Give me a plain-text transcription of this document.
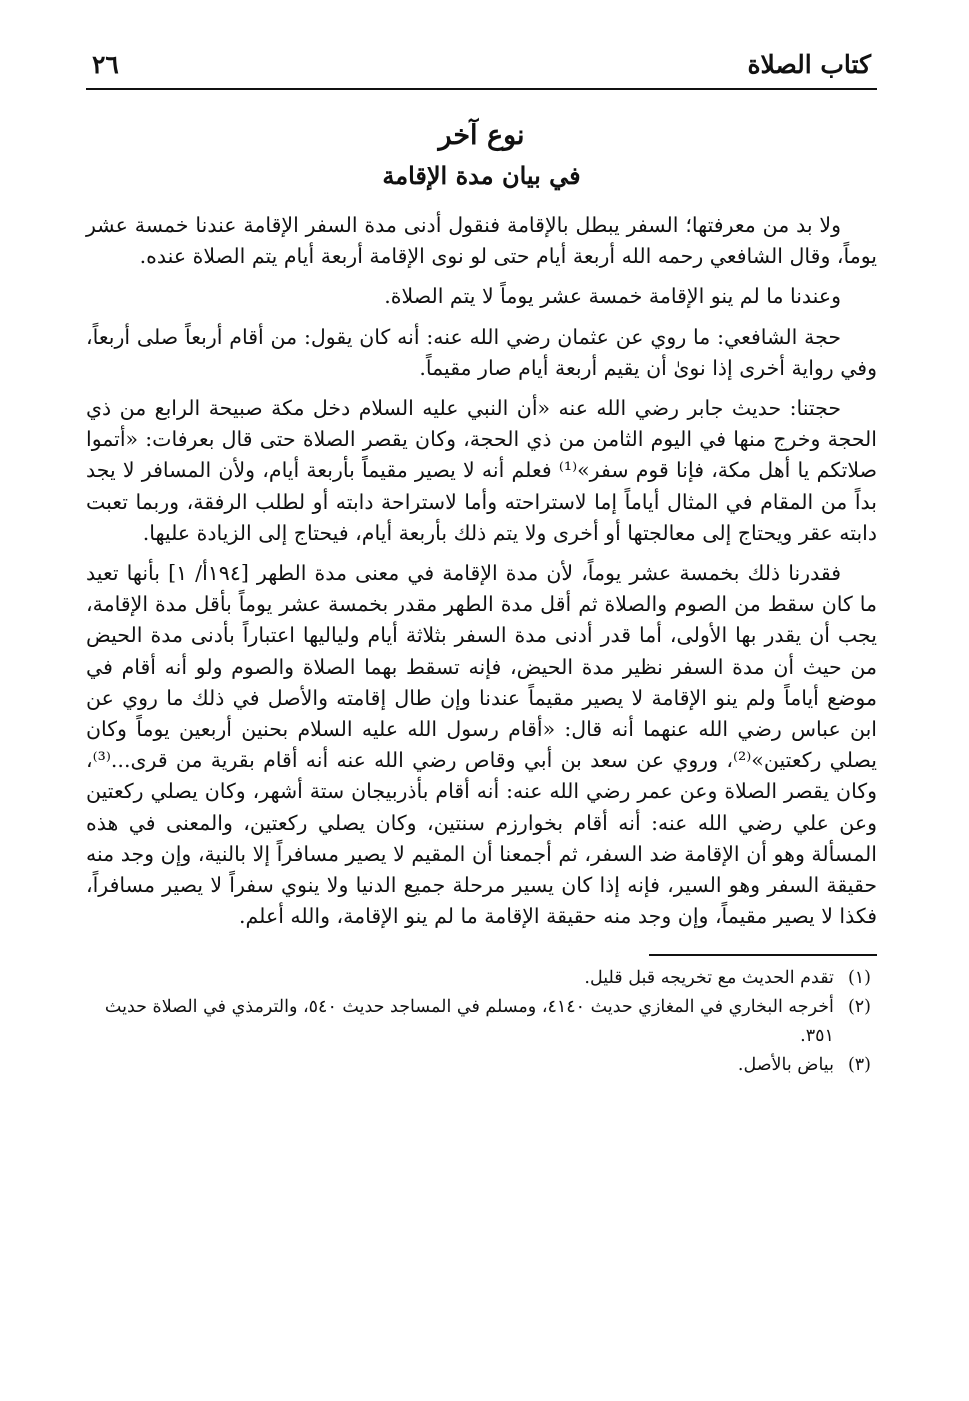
كتاب الصلاة
٢٦
نوع آخر
في بيان مدة الإقامة

ولا بد من معرفتها؛ السفر يبطل بالإقامة فنقول أدنى مدة السفر الإقامة عندنا خمسة عشر يوماً، وقال الشافعي رحمه الله أربعة أيام حتى لو نوى الإقامة أربعة أيام يتم الصلاة عنده.

وعندنا ما لم ينو الإقامة خمسة عشر يوماً لا يتم الصلاة.

حجة الشافعي: ما روي عن عثمان رضي الله عنه: أنه كان يقول: من أقام أربعاً صلى أربعاً، وفي رواية أخرى إذا نوىٰ أن يقيم أربعة أيام صار مقيماً.

حجتنا: حديث جابر رضي الله عنه «أن النبي عليه السلام دخل مكة صبيحة الرابع من ذي الحجة وخرج منها في اليوم الثامن من ذي الحجة، وكان يقصر الصلاة حتى قال بعرفات: «أتموا صلاتكم يا أهل مكة، فإنا قوم سفر»⁽¹⁾ فعلم أنه لا يصير مقيماً بأربعة أيام، ولأن المسافر لا يجد بداً من المقام في المثال أياماً إما لاستراحته وأما لاستراحة دابته أو لطلب الرفقة، وربما تعبت دابته عقر ويحتاج إلى معالجتها أو أخرى ولا يتم ذلك بأربعة أيام، فيحتاج إلى الزيادة عليها.

فقدرنا ذلك بخمسة عشر يوماً، لأن مدة الإقامة في معنى مدة الطهر [١٩٤أ/ ١] بأنها تعيد ما كان سقط من الصوم والصلاة ثم أقل مدة الطهر مقدر بخمسة عشر يوماً بأقل مدة الإقامة، يجب أن يقدر بها الأولى، أما قدر أدنى مدة السفر بثلاثة أيام ولياليها اعتباراً بأدنى مدة الحيض من حيث أن مدة السفر نظير مدة الحيض، فإنه تسقط بهما الصلاة والصوم ولو أنه أقام في موضع أياماً ولم ينو الإقامة لا يصير مقيماً عندنا وإن طال إقامته والأصل في ذلك ما روي عن ابن عباس رضي الله عنهما أنه قال: «أقام رسول الله عليه السلام بحنين أربعين يوماً وكان يصلي ركعتين»⁽²⁾، وروي عن سعد بن أبي وقاص رضي الله عنه أنه أقام بقرية من قرى...⁽³⁾، وكان يقصر الصلاة وعن عمر رضي الله عنه: أنه أقام بأذربيجان ستة أشهر، وكان يصلي ركعتين وعن علي رضي الله عنه: أنه أقام بخوارزم سنتين، وكان يصلي ركعتين، والمعنى في هذه المسألة وهو أن الإقامة ضد السفر، ثم أجمعنا أن المقيم لا يصير مسافراً إلا بالنية، وإن وجد منه حقيقة السفر وهو السير، فإنه إذا كان يسير مرحلة جميع الدنيا ولا ينوي سفراً لا يصير مسافراً، فكذا لا يصير مقيماً، وإن وجد منه حقيقة الإقامة ما لم ينو الإقامة، والله أعلم.

(١)
تقدم الحديث مع تخريجه قبل قليل.
(٢)
أخرجه البخاري في المغازي حديث ٤١٤٠، ومسلم في المساجد حديث ٥٤٠، والترمذي في الصلاة حديث ٣٥١.
(٣)
بياض بالأصل.
